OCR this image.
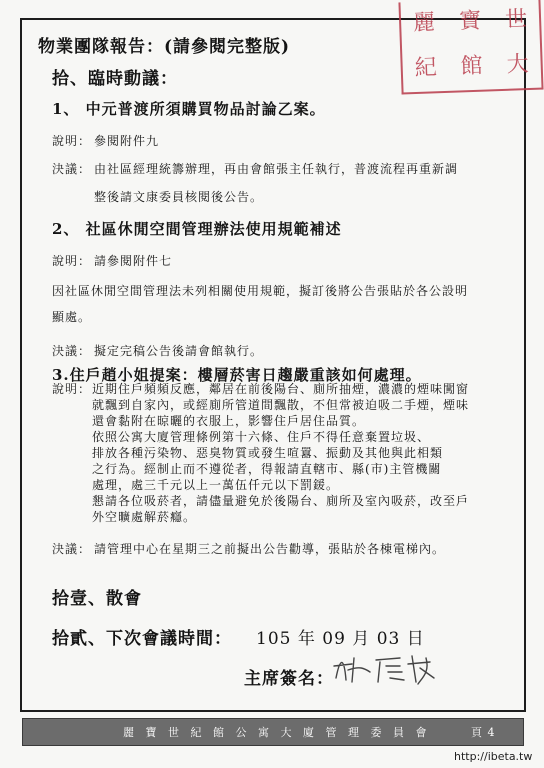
麗	寶	世
紀	館	大
物業團隊報告：(請參閱完整版)
拾、臨時動議：
1、 中元普渡所須購買物品討論乙案。
說明： 參閱附件九
決議： 由社區經理統籌辦理，再由會館張主任執行，普渡流程再重新調
整後請文康委員核閱後公告。
2、 社區休閒空間管理辦法使用規範補述
說明： 請參閱附件七
因社區休閒空間管理法未列相關使用規範，擬訂後將公告張貼於各公設明
顯處。
決議： 擬定完稿公告後請會館執行。
3.住戶趙小姐提案：樓層菸害日趨嚴重該如何處理。
說明： 近期住戶頻頻反應，鄰居在前後陽台、廁所抽煙，濃濃的煙味闖窗
就飄到自家內，或經廁所管道間飄散，不但常被迫吸二手煙，煙味
還會黏附在晾曬的衣服上，影響住戶居住品質。
依照公寓大廈管理條例第十六條、住戶不得任意棄置垃圾、
排放各種污染物、惡臭物質或發生喧囂、振動及其他與此相類
之行為。經制止而不遵從者，得報請直轄市、縣(市)主管機關
處理，處三千元以上一萬伍仟元以下罰鍰。
懇請各位吸菸者，請儘量避免於後陽台、廁所及室內吸菸，改至戶
外空曠處解菸癮。
決議： 請管理中心在星期三之前擬出公告勸導，張貼於各棟電梯內。
拾壹、散會
拾貳、下次會議時間： 105 年 09 月 03 日
主席簽名：
麗 寶 世 紀 館 公 寓 大 廈 管 理 委 員 會	頁 4
http://ibeta.tw
